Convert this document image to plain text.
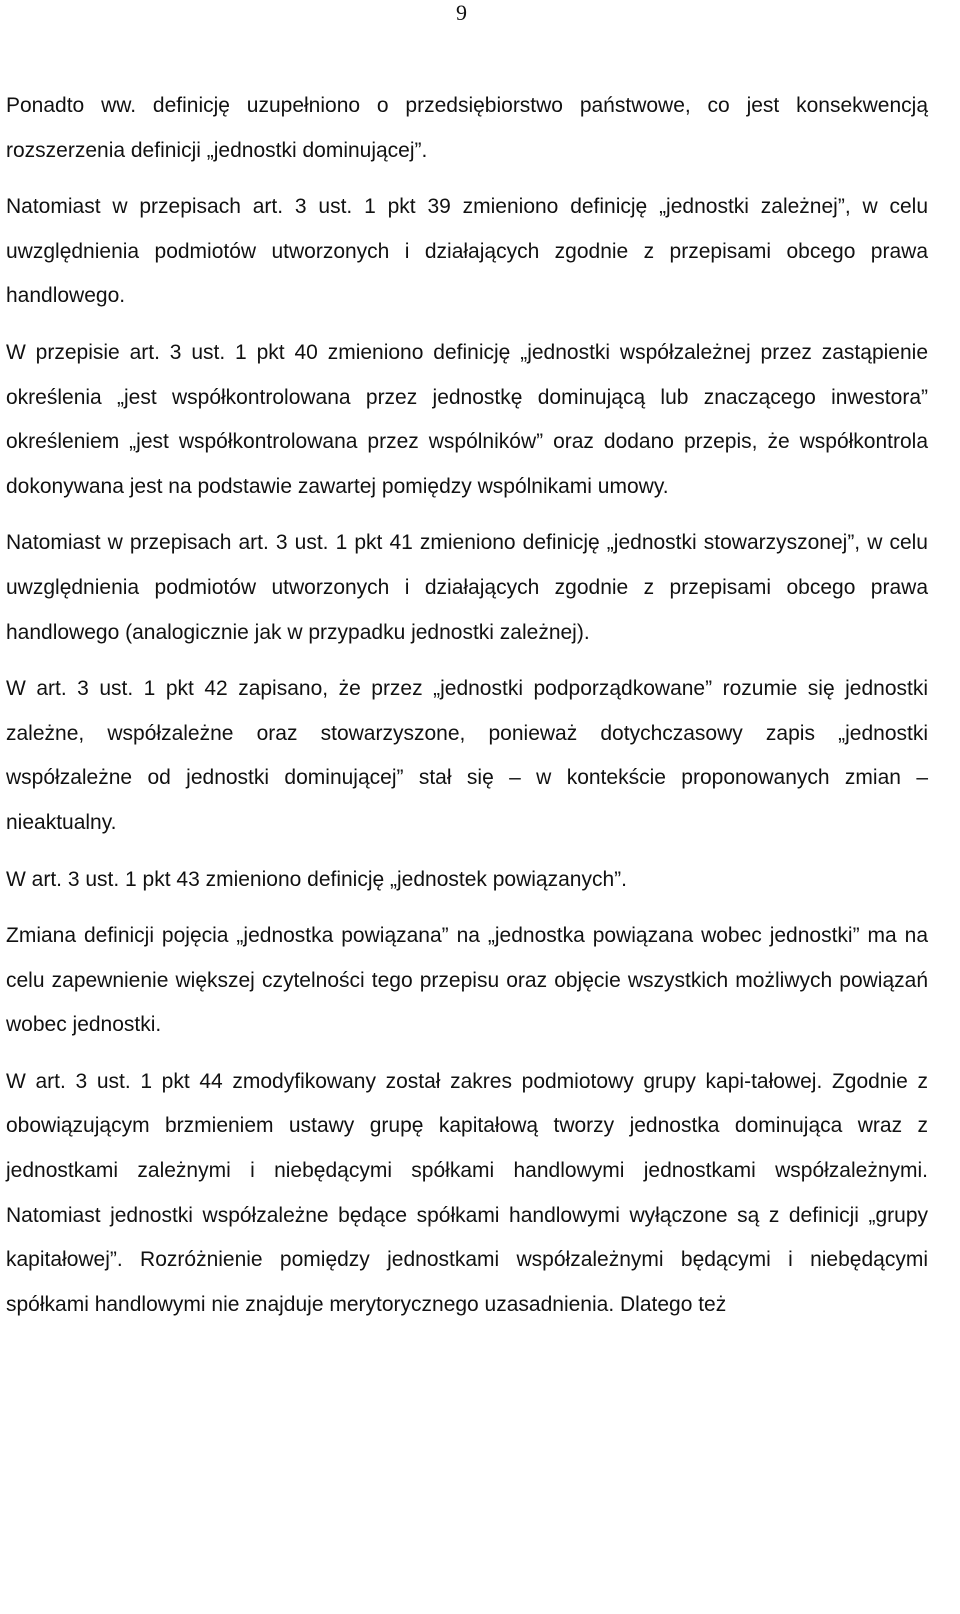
9

Ponadto ww. definicję uzupełniono o przedsiębiorstwo państwowe, co jest konsekwencją rozszerzenia definicji „jednostki dominującej”.

Natomiast w przepisach art. 3 ust. 1 pkt 39 zmieniono definicję „jednostki zależnej”, w celu uwzględnienia podmiotów utworzonych i działających zgodnie z przepisami obcego prawa handlowego.

W przepisie art. 3 ust. 1 pkt 40 zmieniono definicję „jednostki współzależnej przez zastąpienie określenia „jest współkontrolowana przez jednostkę dominującą lub znaczącego inwestora” określeniem „jest współkontrolowana przez wspólników” oraz dodano przepis, że współkontrola dokonywana jest na podstawie zawartej pomiędzy wspólnikami umowy.

Natomiast w przepisach art. 3 ust. 1 pkt 41 zmieniono definicję „jednostki stowarzyszonej”, w celu uwzględnienia podmiotów utworzonych i działających zgodnie z przepisami obcego prawa handlowego (analogicznie jak w przypadku jednostki zależnej).

W art. 3 ust. 1 pkt 42 zapisano, że przez „jednostki podporządkowane” rozumie się jednostki zależne, współzależne oraz stowarzyszone, ponieważ dotychczasowy zapis „jednostki współzależne od jednostki dominującej” stał się – w kontekście proponowanych zmian – nieaktualny.

W art. 3 ust. 1 pkt 43 zmieniono definicję „jednostek powiązanych”.

Zmiana definicji pojęcia „jednostka powiązana” na „jednostka powiązana wobec jednostki” ma na celu zapewnienie większej czytelności tego przepisu oraz objęcie wszystkich możliwych powiązań wobec jednostki.

W art. 3 ust. 1 pkt 44 zmodyfikowany został zakres podmiotowy grupy kapi-tałowej. Zgodnie z obowiązującym brzmieniem ustawy grupę kapitałową tworzy jednostka dominująca wraz z jednostkami zależnymi i niebędącymi spółkami handlowymi jednostkami współzależnymi. Natomiast jednostki współzależne będące spółkami handlowymi wyłączone są z definicji „grupy kapitałowej”. Rozróżnienie pomiędzy jednostkami współzależnymi będącymi i niebędącymi spółkami handlowymi nie znajduje merytorycznego uzasadnienia. Dlatego też
